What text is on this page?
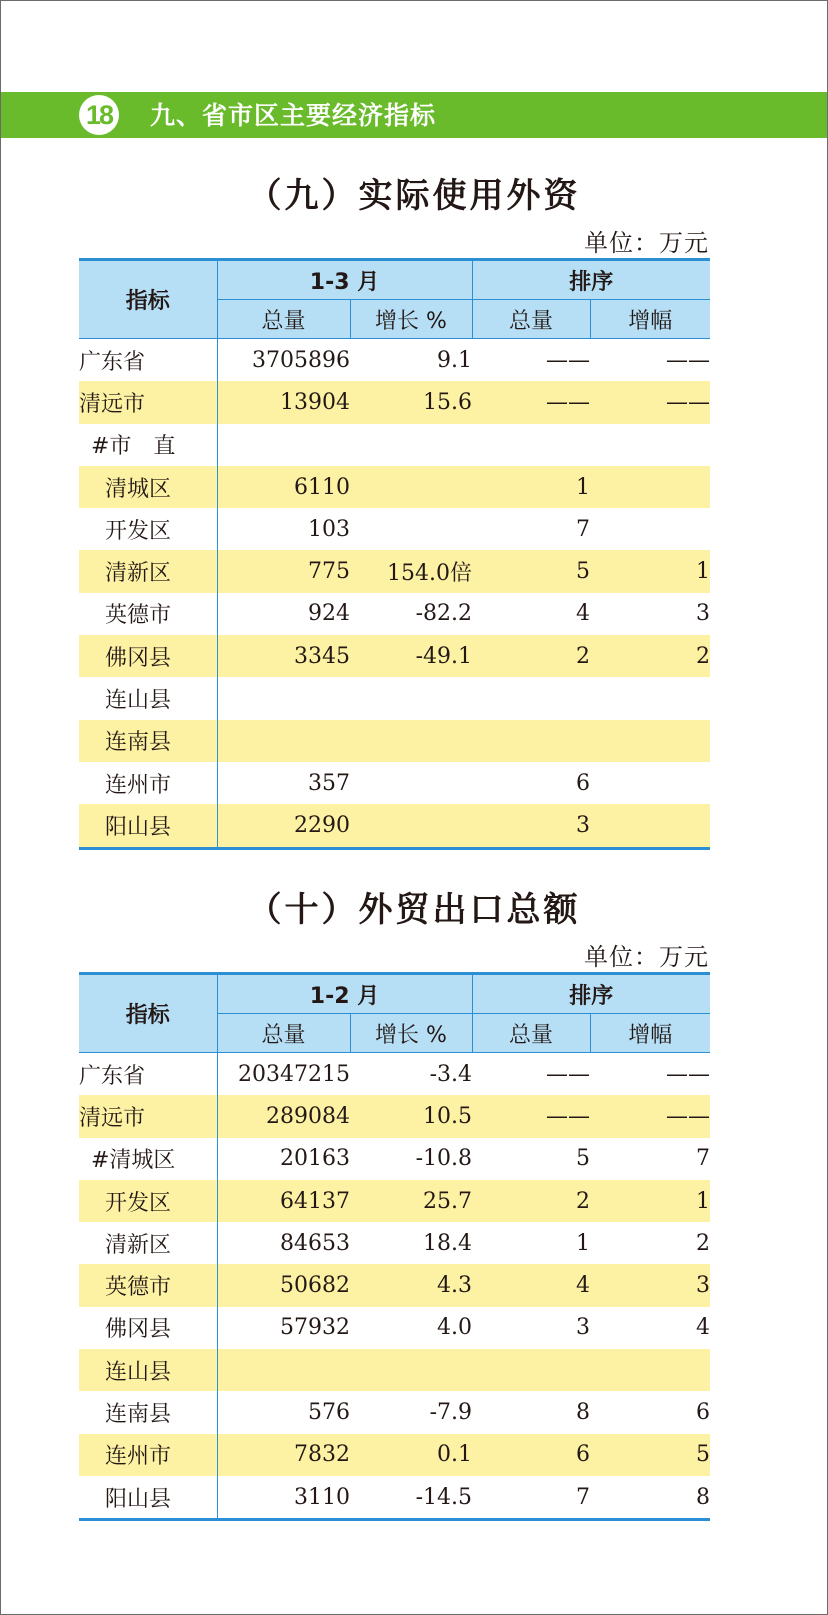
18 九、省市区主要经济指标
（九）实际使用外资
单位：万元
指标	1-3 月		排序	
	总量	增长 %	总量	增幅
广东省	3705896	9.1	——	——
清远市	13904	15.6	——	——
#市　直				
清城区	6110		1	
开发区	103		7	
清新区	775	154.0倍	5	1
英德市	924	-82.2	4	3
佛冈县	3345	-49.1	2	2
连山县				
连南县				
连州市	357		6	
阳山县	2290		3	
（十）外贸出口总额
单位：万元
指标	1-2 月		排序	
	总量	增长 %	总量	增幅
广东省	20347215	-3.4	——	——
清远市	289084	10.5	——	——
#清城区	20163	-10.8	5	7
开发区	64137	25.7	2	1
清新区	84653	18.4	1	2
英德市	50682	4.3	4	3
佛冈县	57932	4.0	3	4
连山县				
连南县	576	-7.9	8	6
连州市	7832	0.1	6	5
阳山县	3110	-14.5	7	8
